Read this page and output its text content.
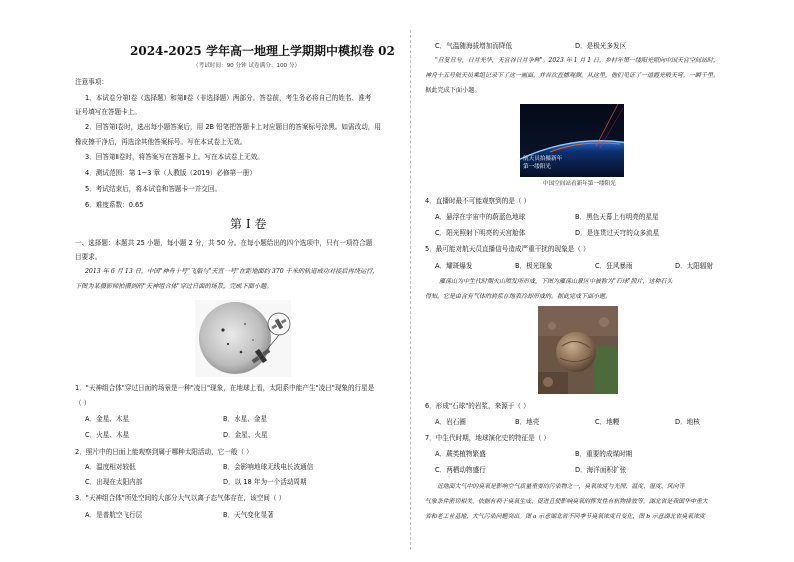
2024-2025 学年高一地理上学期期中模拟卷 02
（考试时间：90 分钟 试卷满分：100 分）
注意事项：
1．本试卷分第Ⅰ卷（选择题）和第Ⅱ卷（非选择题）两部分。答卷前，考生务必将自己的姓名、准考
证号填写在答题卡上。
2．回答第Ⅰ卷时，选出每小题答案后，用 2B 铅笔把答题卡上对应题目的答案标号涂黑。如需改动，用
橡皮擦干净后，再选涂其他答案标号。写在本试卷上无效。
3．回答第Ⅱ卷时，将答案写在答题卡上。写在本试卷上无效。
4．测试范围：第 1~3 章（人教版（2019）必修第一册）
5．考试结束后，将本试卷和答题卡一并交回。
6．难度系数：0.65
第 I 卷
一、选择题：本题共 25 小题，每小题 2 分，共 50 分。在每小题给出的四个选项中，只有一项符合题
目要求。
2013 年 6 月 13 日，中国"神舟十号"飞船与"天宫一号"在距地面约 370 千米的轨道成功对接后再绕运行，
下图为某摄影师拍摄到的"天神组合体"穿过日面的场景，完成下面小题。
1．"天神组合体"穿过日面的场景是一种"凌日"现象，在地球上看，太阳系中能产生"凌日"现象的行星是
（ ）
A．金星、木星	B．水星、金星
C．火星、木星	D．金星、火星
2．照片中的日面上能观察到属于哪种太阳活动，它一般（ ）
A．温度相对较低	B．会影响地球无线电长波通信
C．出现在太阳内部	D．以 18 年为一个活动周期
3．"天神组合体"所处空间的大部分大气以离子态气体存在，该空间（ ）
A．是普航空飞行层	B．天气变化显著
C．气温随海拔增加而降低	D．是极光多发区
"旦复旦兮，日月光华，天宫谷日月争辉"。2023 年 1 月 1 日，乡村年第一缕阳光照向中国天宫空间站时，
神舟十五号航天员乘组记录下了这一画面，并首次直播观测。从这里，他们见证了一道霞光般天穹，一瞬千里。
据此完成下面小题。
航天员拍摄新年
第一缕阳光
中国空间站看新年第一缕阳光
4．直播时最不可能观察到的是（ ）
A．悬浮在宇宙中的蔚蓝色地球	B．黑色天幕上有明亮的星星
C．阳光照射下明亮的天宫舱体	D．是连贯过天穹的众多流星
5．最可能对航天员直播信号造成严重干扰的现象是（ ）
A．耀斑爆发	B．极光现象	C．狂风暴雨	D．太阳辐射
雁荡山为中生代时期火山喷发所形成，下图为雁荡山景区中被称为"石球"照片，这种石头
得知，它是由含有气体的岩浆在地表冷却形成的。据此完成下面小题。
6．形成"石球"的岩浆，来源于（ ）
A．岩石圈	B．地壳	C．地幔	D．地核
7．中生代时期，地球演化史的特征是（ ）
A．蕨类植物繁盛	B．重要的成煤时期
C．两栖动物盛行	D．海洋面积扩张
近地面大气中的臭氧是影响空气质量重要的污染物之一，臭氧浓度与光照、温度、湿度、风向等
气象条件密切相关。依据有利于臭氧生成、促进且使影响臭氧的挥发性有机物排放等。湖北省是我国华中重大
省和老工业基地，大气污染问题突出。图 a 示意湖北省不同季节臭氧浓度日变化，图 b 示意湖北省臭氧浓度
